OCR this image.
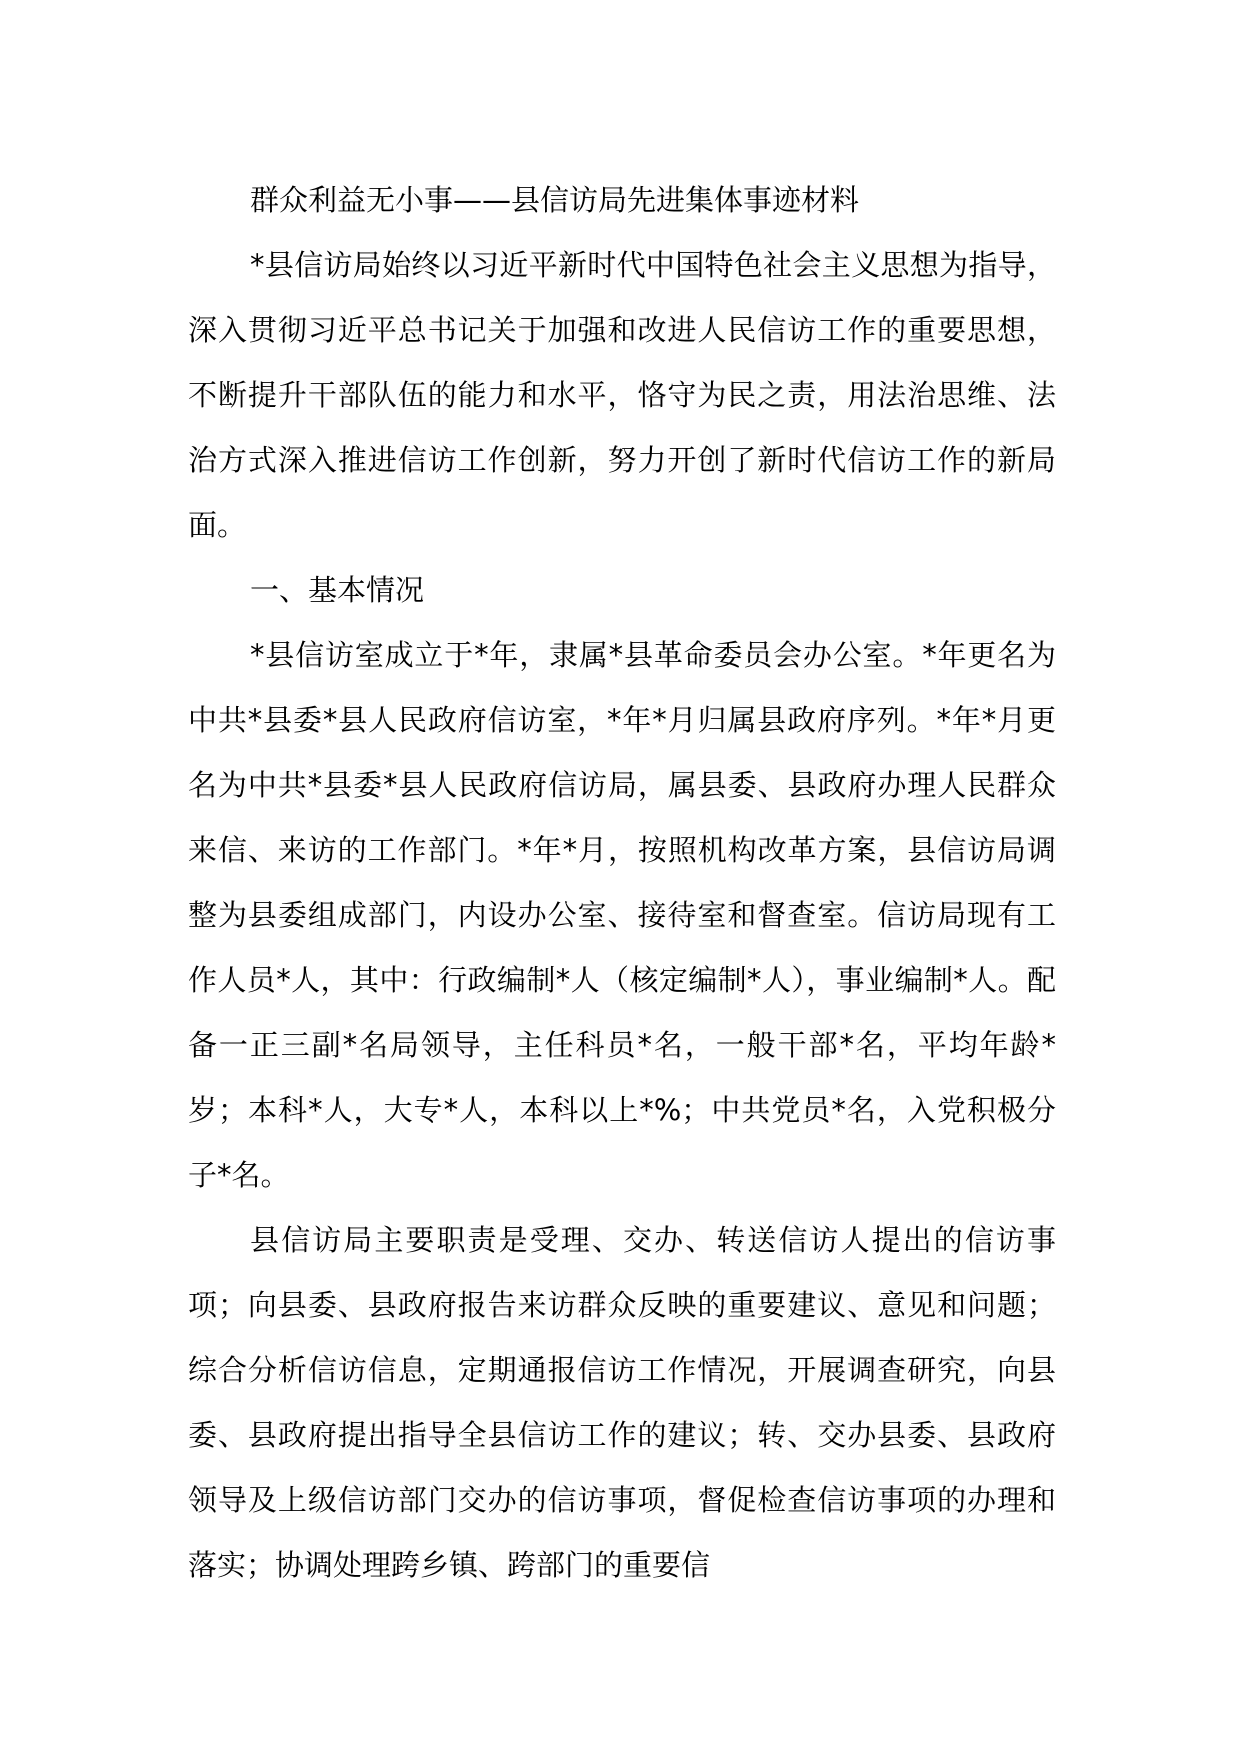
群众利益无小事——县信访局先进集体事迹材料

*县信访局始终以习近平新时代中国特色社会主义思想为指导，深入贯彻习近平总书记关于加强和改进人民信访工作的重要思想，不断提升干部队伍的能力和水平，恪守为民之责，用法治思维、法治方式深入推进信访工作创新，努力开创了新时代信访工作的新局面。

一、基本情况

*县信访室成立于*年，隶属*县革命委员会办公室。*年更名为中共*县委*县人民政府信访室，*年*月归属县政府序列。*年*月更名为中共*县委*县人民政府信访局，属县委、县政府办理人民群众来信、来访的工作部门。*年*月，按照机构改革方案，县信访局调整为县委组成部门，内设办公室、接待室和督查室。信访局现有工作人员*人，其中：行政编制*人（核定编制*人），事业编制*人。配备一正三副*名局领导，主任科员*名，一般干部*名，平均年龄*岁；本科*人，大专*人，本科以上*%；中共党员*名，入党积极分子*名。

县信访局主要职责是受理、交办、转送信访人提出的信访事项；向县委、县政府报告来访群众反映的重要建议、意见和问题；综合分析信访信息，定期通报信访工作情况，开展调查研究，向县委、县政府提出指导全县信访工作的建议；转、交办县委、县政府领导及上级信访部门交办的信访事项，督促检查信访事项的办理和落实；协调处理跨乡镇、跨部门的重要信
